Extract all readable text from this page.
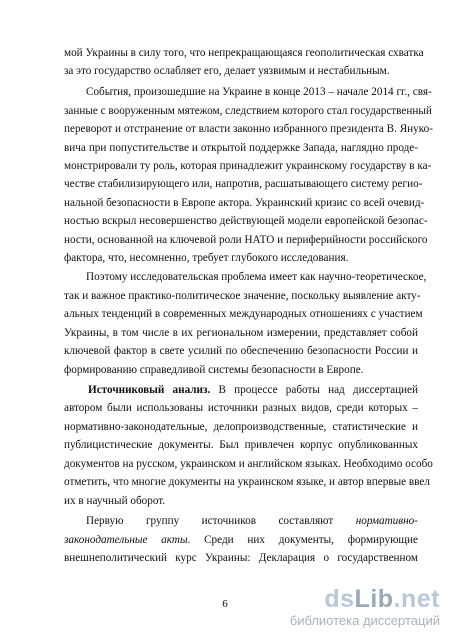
мой Украины в силу того, что непрекращающаяся геополитическая схватка
за это государство ослабляет его, делает уязвимым и нестабильным.
События, произошедшие на Украине в конце 2013 – начале 2014 гг., свя-
занные с вооруженным мятежом, следствием которого стал государственный
переворот и отстранение от власти законно избранного президента В. Януко-
вича при попустительстве и открытой поддержке Запада, наглядно проде-
монстрировали ту роль, которая принадлежит украинскому государству в ка-
честве стабилизирующего или, напротив, расшатывающего систему регио-
нальной безопасности в Европе актора. Украинский кризис со всей очевид-
ностью вскрыл несовершенство действующей модели европейской безопас-
ности, основанной на ключевой роли НАТО и периферийности российского
фактора, что, несомненно, требует глубокого исследования.
Поэтому исследовательская проблема имеет как научно-теоретическое,
так и важное практико-политическое значение, поскольку выявление акту-
альных тенденций в современных международных отношениях с участием
Украины, в том числе в их региональном измерении, представляет собой
ключевой фактор в свете усилий по обеспечению безопасности России и
формированию справедливой системы безопасности в Европе.
Источниковый анализ. В процессе работы над диссертацией
автором были использованы источники разных видов, среди которых –
нормативно-законодательные, делопроизводственные, статистические и
публицистические документы. Был привлечен корпус опубликованных
документов на русском, украинском и английском языках. Необходимо особо
отметить, что многие документы на украинском языке, и автор впервые ввел
их в научный оборот.
Первую группу источников составляют нормативно-
законодательные акты. Среди них документы, формирующие
внешнеполитический курс Украины: Декларация о государственном
6	dsLib.net
библиотека диссертаций
